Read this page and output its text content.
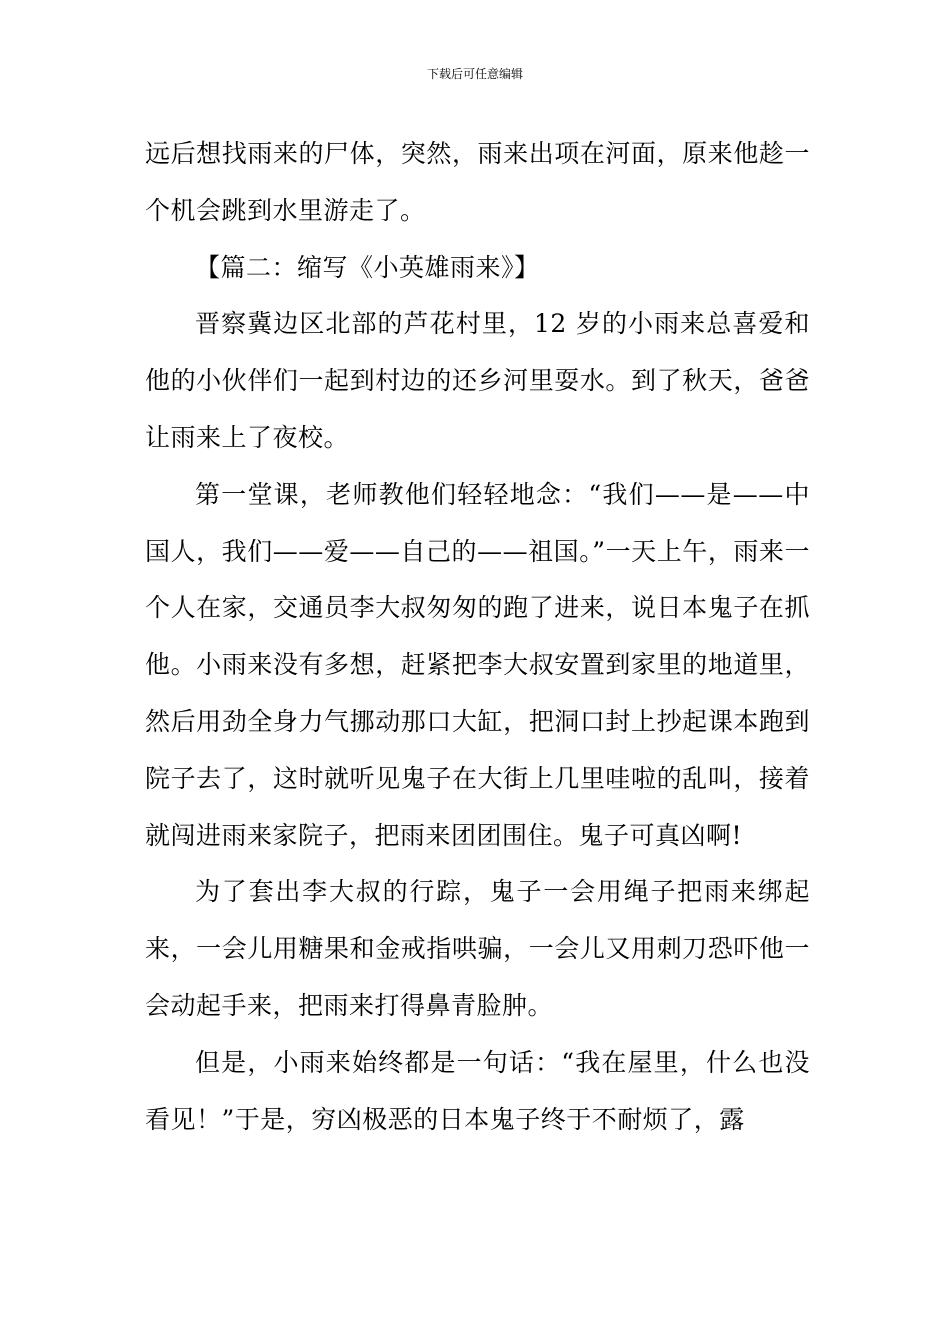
下载后可任意编辑

远后想找雨来的尸体，突然，雨来出项在河面，原来他趁一个机会跳到水里游走了。

【篇二：缩写《小英雄雨来》】

晋察冀边区北部的芦花村里，12 岁的小雨来总喜爱和他的小伙伴们一起到村边的还乡河里耍水。到了秋天，爸爸让雨来上了夜校。

第一堂课，老师教他们轻轻地念：“我们——是——中国人，我们——爱——自己的——祖国。”一天上午，雨来一个人在家，交通员李大叔匆匆的跑了进来，说日本鬼子在抓他。小雨来没有多想，赶紧把李大叔安置到家里的地道里，然后用劲全身力气挪动那口大缸，把洞口封上抄起课本跑到院子去了，这时就听见鬼子在大街上几里哇啦的乱叫，接着就闯进雨来家院子，把雨来团团围住。鬼子可真凶啊!

为了套出李大叔的行踪，鬼子一会用绳子把雨来绑起来，一会儿用糖果和金戒指哄骗，一会儿又用刺刀恐吓他一会动起手来，把雨来打得鼻青脸肿。

但是，小雨来始终都是一句话：“我在屋里，什么也没看见！”于是，穷凶极恶的日本鬼子终于不耐烦了，露
